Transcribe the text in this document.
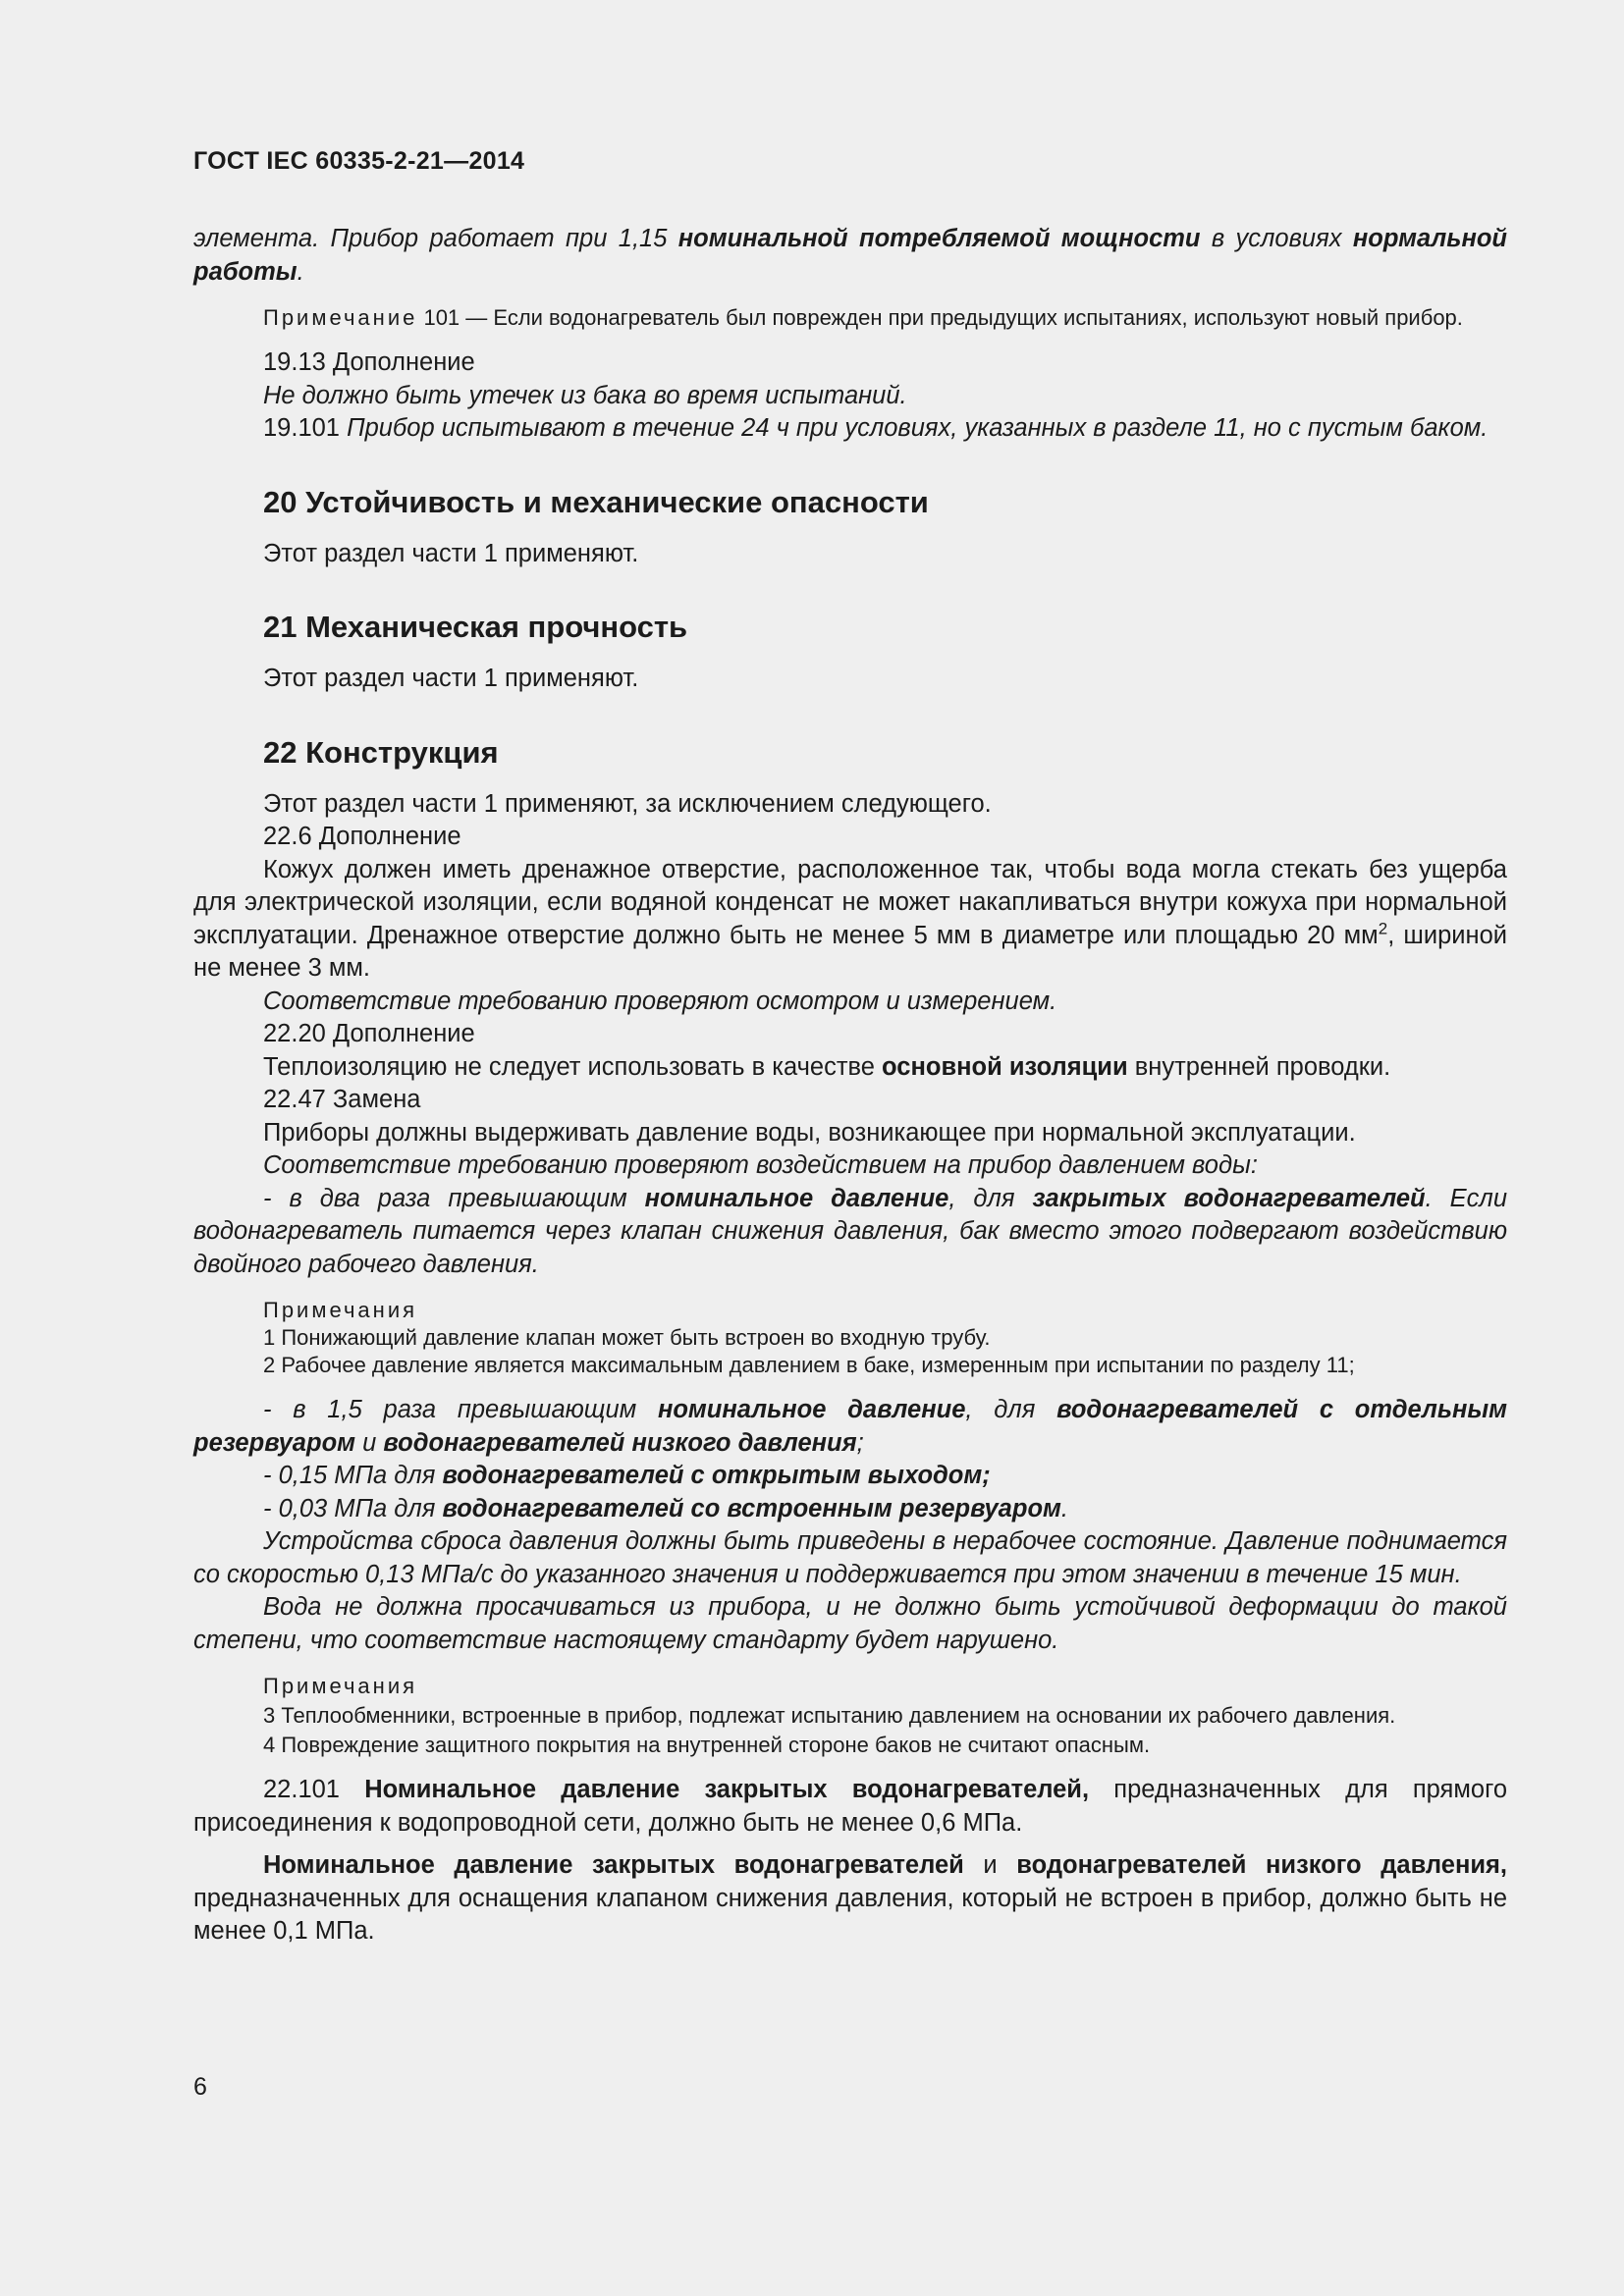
ГОСТ IEC 60335-2-21—2014

элемента. Прибор работает при 1,15 номинальной потребляемой мощности в условиях нормальной работы.

Примечание 101 — Если водонагреватель был поврежден при предыдущих испытаниях, используют новый прибор.

19.13 Дополнение

Не должно быть утечек из бака во время испытаний.

19.101 Прибор испытывают в течение 24 ч при условиях, указанных в разделе 11, но с пустым баком.

20 Устойчивость и механические опасности

Этот раздел части 1 применяют.

21 Механическая прочность

Этот раздел части 1 применяют.

22 Конструкция

Этот раздел части 1 применяют, за исключением следующего.

22.6 Дополнение

Кожух должен иметь дренажное отверстие, расположенное так, чтобы вода могла стекать без ущерба для электрической изоляции, если водяной конденсат не может накапливаться внутри кожуха при нормальной эксплуатации. Дренажное отверстие должно быть не менее 5 мм в диаметре или площадью 20 $мм^2$, шириной не менее 3 мм.

Соответствие требованию проверяют осмотром и измерением.

22.20 Дополнение

Теплоизоляцию не следует использовать в качестве основной изоляции внутренней проводки.

22.47 Замена

Приборы должны выдерживать давление воды, возникающее при нормальной эксплуатации.

Соответствие требованию проверяют воздействием на прибор давлением воды:

- в два раза превышающим номинальное давление, для закрытых водонагревателей. Если водонагреватель питается через клапан снижения давления, бак вместо этого подвергают воздействию двойного рабочего давления.

Примечания

1 Понижающий давление клапан может быть встроен во входную трубу.

2 Рабочее давление является максимальным давлением в баке, измеренным при испытании по разделу 11;

- в 1,5 раза превышающим номинальное давление, для водонагревателей с отдельным резервуаром и водонагревателей низкого давления;

- 0,15 МПа для водонагревателей с открытым выходом;

- 0,03 МПа для водонагревателей со встроенным резервуаром.

Устройства сброса давления должны быть приведены в нерабочее состояние. Давление поднимается со скоростью 0,13 МПа/с до указанного значения и поддерживается при этом значении в течение 15 мин.

Вода не должна просачиваться из прибора, и не должно быть устойчивой деформации до такой степени, что соответствие настоящему стандарту будет нарушено.

Примечания

3 Теплообменники, встроенные в прибор, подлежат испытанию давлением на основании их рабочего давления.

4 Повреждение защитного покрытия на внутренней стороне баков не считают опасным.

22.101 Номинальное давление закрытых водонагревателей, предназначенных для прямого присоединения к водопроводной сети, должно быть не менее 0,6 МПа.

Номинальное давление закрытых водонагревателей и водонагревателей низкого давления, предназначенных для оснащения клапаном снижения давления, который не встроен в прибор, должно быть не менее 0,1 МПа.

6
